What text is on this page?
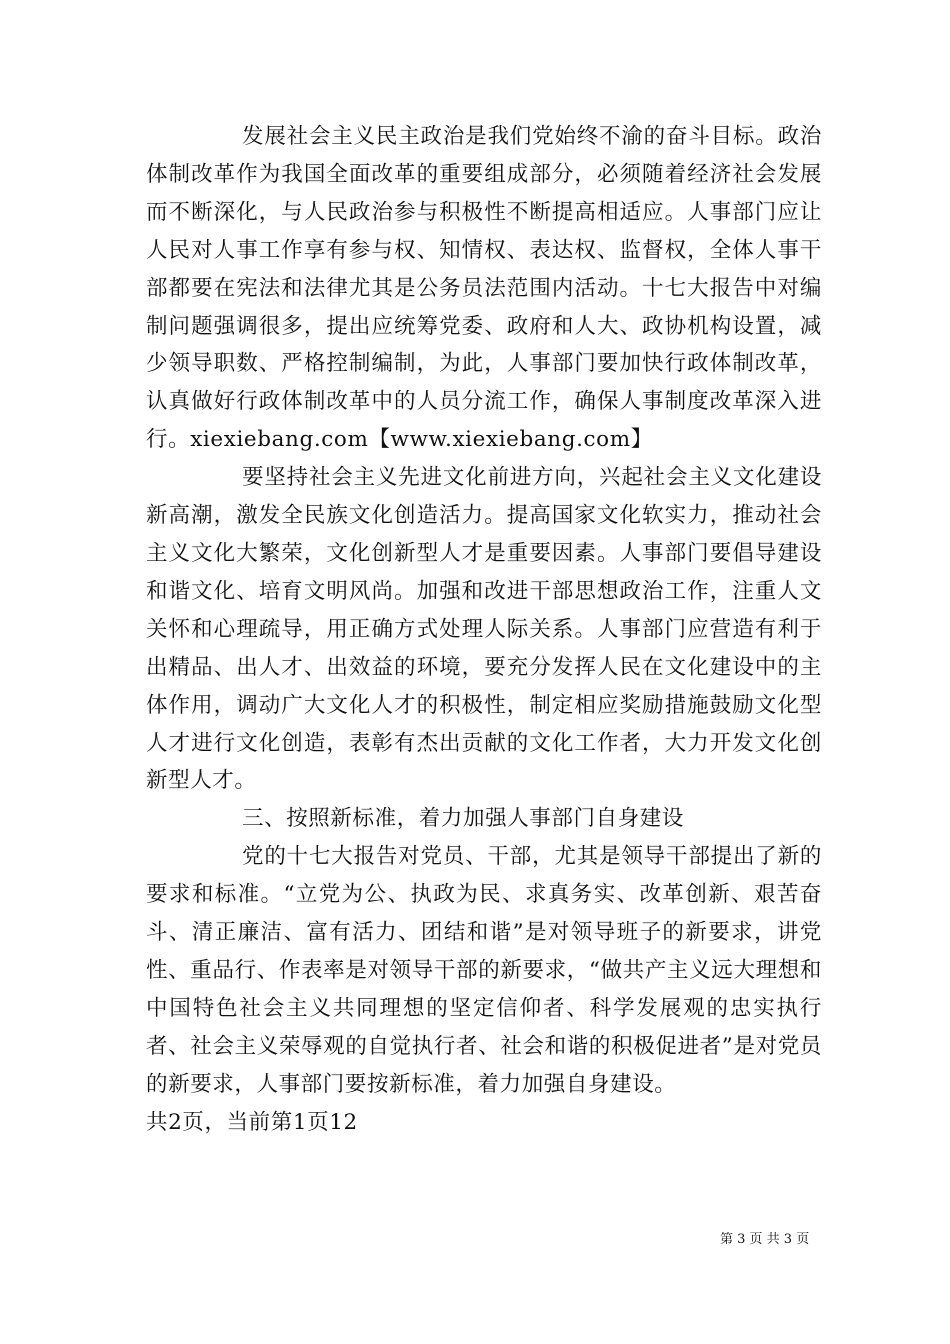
发展社会主义民主政治是我们党始终不渝的奋斗目标。政治体制改革作为我国全面改革的重要组成部分，必须随着经济社会发展而不断深化，与人民政治参与积极性不断提高相适应。人事部门应让人民对人事工作享有参与权、知情权、表达权、监督权，全体人事干部都要在宪法和法律尤其是公务员法范围内活动。十七大报告中对编制问题强调很多，提出应统筹党委、政府和人大、政协机构设置，减少领导职数、严格控制编制，为此，人事部门要加快行政体制改革，认真做好行政体制改革中的人员分流工作，确保人事制度改革深入进行。xiexiebang.com【www.xiexiebang.com】

要坚持社会主义先进文化前进方向，兴起社会主义文化建设新高潮，激发全民族文化创造活力。提高国家文化软实力，推动社会主义文化大繁荣，文化创新型人才是重要因素。人事部门要倡导建设和谐文化、培育文明风尚。加强和改进干部思想政治工作，注重人文关怀和心理疏导，用正确方式处理人际关系。人事部门应营造有利于出精品、出人才、出效益的环境，要充分发挥人民在文化建设中的主体作用，调动广大文化人才的积极性，制定相应奖励措施鼓励文化型人才进行文化创造，表彰有杰出贡献的文化工作者，大力开发文化创新型人才。

三、按照新标准，着力加强人事部门自身建设

党的十七大报告对党员、干部，尤其是领导干部提出了新的要求和标准。“立党为公、执政为民、求真务实、改革创新、艰苦奋斗、清正廉洁、富有活力、团结和谐”是对领导班子的新要求，讲党性、重品行、作表率是对领导干部的新要求，“做共产主义远大理想和中国特色社会主义共同理想的坚定信仰者、科学发展观的忠实执行者、社会主义荣辱观的自觉执行者、社会和谐的积极促进者”是对党员的新要求，人事部门要按新标准，着力加强自身建设。

共2页，当前第1页12

第 3 页 共 3 页
